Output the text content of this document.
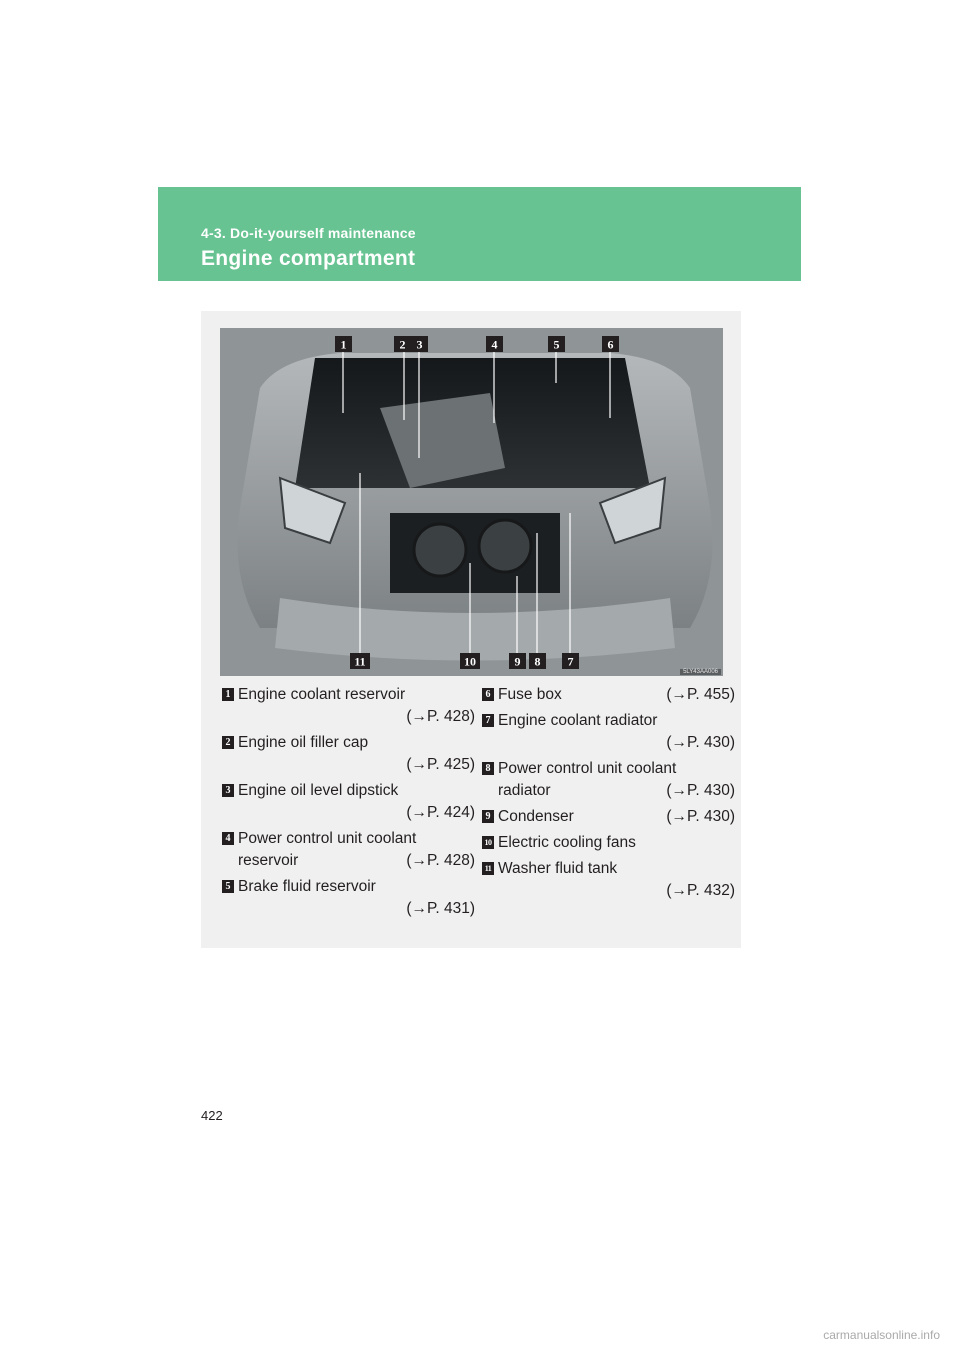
4-3. Do-it-yourself maintenance
Engine compartment
1	2 3	4	5	6
7
8
9
10
11
5LY43AA006
1 Engine coolant reservoir
(→P. 428)
2 Engine oil filler cap
(→P. 425)
3 Engine oil level dipstick
(→P. 424)
4 Power control unit coolant
reservoir	(→P. 428)
5 Brake fluid reservoir
(→P. 431)
6 Fuse box	(→P. 455)
7 Engine coolant radiator
(→P. 430)
8 Power control unit coolant
radiator	(→P. 430)
9 Condenser	(→P. 430)
10 Electric cooling fans
11 Washer fluid tank
(→P. 432)
422
carmanualsonline.info
